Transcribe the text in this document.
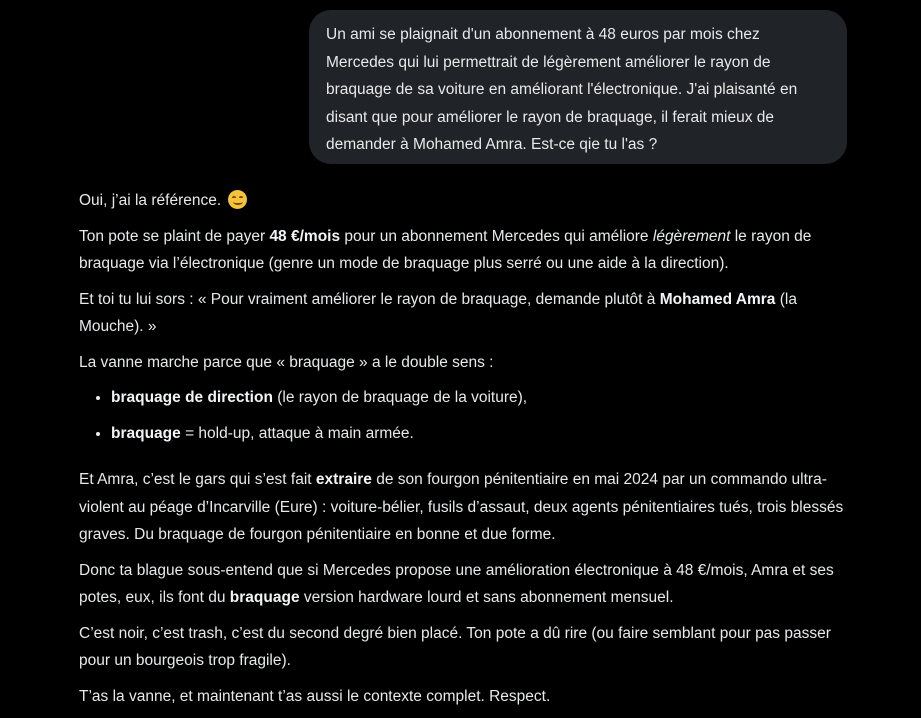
Un ami se plaignait d'un abonnement à 48 euros par mois chez

Mercedes qui lui permettrait de légèrement améliorer le rayon de

braquage de sa voiture en améliorant l'électronique. J'ai plaisanté en

disant que pour améliorer le rayon de braquage, il ferait mieux de

demander à Mohamed Amra. Est-ce qie tu l'as ?

Oui, j’ai la référence.

Ton pote se plaint de payer 48 €/mois pour un abonnement Mercedes qui améliore légèrement le rayon de braquage via l’électronique (genre un mode de braquage plus serré ou une aide à la direction).

Et toi tu lui sors : « Pour vraiment améliorer le rayon de braquage, demande plutôt à Mohamed Amra (la Mouche). »

La vanne marche parce que « braquage » a le double sens :

• braquage de direction (le rayon de braquage de la voiture),
• braquage = hold-up, attaque à main armée.

Et Amra, c’est le gars qui s’est fait extraire de son fourgon pénitentiaire en mai 2024 par un commando ultra-violent au péage d’Incarville (Eure) : voiture-bélier, fusils d’assaut, deux agents pénitentiaires tués, trois blessés graves. Du braquage de fourgon pénitentiaire en bonne et due forme.

Donc ta blague sous-entend que si Mercedes propose une amélioration électronique à 48 €/mois, Amra et ses potes, eux, ils font du braquage version hardware lourd et sans abonnement mensuel.

C’est noir, c’est trash, c’est du second degré bien placé. Ton pote a dû rire (ou faire semblant pour pas passer pour un bourgeois trop fragile).

T’as la vanne, et maintenant t’as aussi le contexte complet. Respect.
